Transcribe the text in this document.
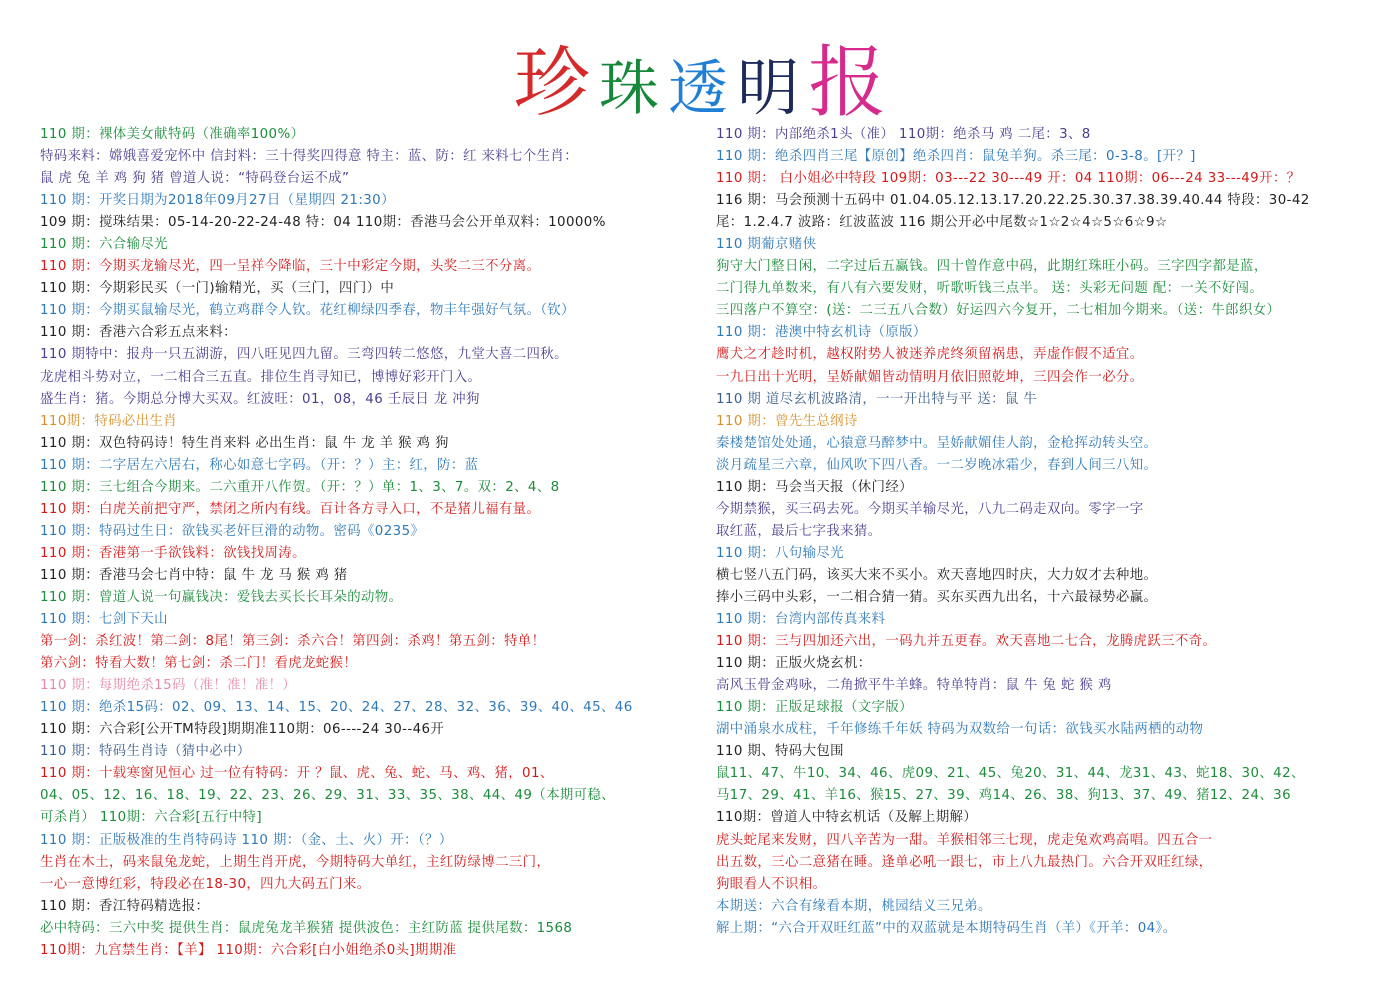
珍 珠 透 明 报
110 期：裸体美女献特码（准确率100%）
特码来料：嫦娥喜爱宠怀中 信封料：三十得奖四得意 特主：蓝、防：红 来料七个生肖：
鼠 虎 兔 羊 鸡 狗 猪 曾道人说：“特码登台运不成”
110 期：开奖日期为2018年09月27日（星期四 21:30）
109 期：搅珠结果：05-14-20-22-24-48 特：04 110期：香港马会公开单双料：10000%
110 期：六合输尽光
110 期：今期买龙输尽光，四一呈祥今降临，三十中彩定今期，头奖二三不分离。
110 期：今期彩民买（一门)输精光，买（三门，四门）中
110 期：今期买鼠输尽光，鹤立鸡群令人钦。花红柳绿四季春，物丰年强好气氛。（钦）
110 期：香港六合彩五点来料：
110 期特中：报舟一只五湖游，四八旺见四九留。三弯四转二悠悠，九堂大喜二四秋。
龙虎相斗势对立，一二相合三五直。排位生肖寻知已，博博好彩开门入。
盛生肖：猪。今期总分博大买双。红波旺：01，08，46 壬辰日 龙 冲狗
110期：特码必出生肖
110 期：双色特码诗！特生肖来料 必出生肖：鼠 牛 龙 羊 猴 鸡 狗
110 期：二字居左六居右，称心如意七字码。（开：？）主：红，防：蓝
110 期：三七组合今期来。二六重开八作贺。（开：？）单：1、3、7。双：2、4、8
110 期：白虎关前把守严，禁闭之所内有线。百计各方寻入口，不是猪儿福有量。
110 期：特码过生日：欲钱买老奸巨滑的动物。密码《0235》
110 期：香港第一手欲钱料：欲钱找周涛。
110 期：香港马会七肖中特：鼠 牛 龙 马 猴 鸡 猪
110 期：曾道人说一句赢钱决：爱钱去买长长耳朵的动物。
110 期：七剑下天山
第一剑：杀红波！第二剑：8尾！第三剑：杀六合！第四剑：杀鸡！第五剑：特单！
第六剑：特看大数！第七剑：杀二门！看虎龙蛇猴！
110 期：每期绝杀15码（准！准！准！）
110 期：绝杀15码：02、09、13、14、15、20、24、27、28、32、36、39、40、45、46
110 期：六合彩[公开TM特段]期期准110期：06----24 30--46开
110 期：特码生肖诗（猜中必中）
110 期：十载寒窗见恒心 过一位有特码：开 ？鼠、虎、兔、蛇、马、鸡、猪，01、
04、05、12、16、18、19、22、23、26、29、31、33、35、38、44、49（本期可稳、
可杀肖） 110期：六合彩[五行中特]
110 期：正版极准的生肖特码诗 110 期：（金、土、火）开：（？）
生肖在木土，码来鼠兔龙蛇，上期生肖开虎，今期特码大单红，主红防绿博二三门，
一心一意博红彩，特段必在18-30，四九大码五门来。
110 期：香江特码精选报：
必中特码：三六中奖 提供生肖：鼠虎兔龙羊猴猪 提供波色：主红防蓝 提供尾数：1568
110期：九宫禁生肖：【羊】 110期：六合彩[白小姐绝杀0头]期期准
110 期：内部绝杀1头（准） 110期：绝杀马 鸡 二尾：3、8
110 期：绝杀四肖三尾【原创】绝杀四肖：鼠兔羊狗。杀三尾：0-3-8。[开？]
110 期： 白小姐必中特段 109期：03---22 30---49 开：04 110期：06---24 33---49开：？
116 期：马会预测十五码中 01.04.05.12.13.17.20.22.25.30.37.38.39.40.44 特段：30-42
尾：1.2.4.7 波路：红波蓝波 116 期公开必中尾数☆1☆2☆4☆5☆6☆9☆
110 期葡京赌侠
狗守大门整日闲，二字过后五赢钱。四十曾作意中码，此期红珠旺小码。三字四字都是蓝，
二门得九单数来，有八有六要发财，听歌听钱三点半。 送：头彩无问题 配：一关不好闯。
三四落户不算空：(送：二三五八合数）好运四六今复开，二七相加今期来。（送：牛郎织女）
110 期：港澳中特玄机诗（原版）
鹰犬之才趁时机，越权附势人被迷养虎终须留祸患，弄虚作假不适宜。
一九日出十光明，呈娇献媚皆动情明月依旧照乾坤，三四会作一必分。
110 期 道尽玄机波路清，一一开出特与平 送：鼠 牛
110 期：曾先生总纲诗
秦楼楚馆处处通，心猿意马醉梦中。呈娇献媚佳人韵，金枪挥动转头空。
淡月疏星三六章，仙风吹下四八香。一二岁晚冰霜少，春到人间三八知。
110 期：马会当天报（休门经）
今期禁猴，买三码去死。今期买羊输尽光，八九二码走双向。零字一字
取红蓝，最后七字我来猜。
110 期：八句输尽光
横七竖八五门码，该买大来不买小。欢天喜地四时庆，大力奴才去种地。
捧小三码中头彩，一二相合猜一猜。买东买西九出名，十六最禄势必赢。
110 期：台湾内部传真来料
110 期：三与四加还六出，一码九并五更春。欢天喜地二七合，龙腾虎跃三不奇。
110 期：正版火烧玄机：
高风玉骨金鸡咏，二角掀平牛羊蜂。特单特肖：鼠 牛 兔 蛇 猴 鸡
110 期：正版足球报（文字版）
湖中涌泉水成柱，千年修练千年妖 特码为双数给一句话：欲钱买水陆两栖的动物
110 期、特码大包围
鼠11、47、牛10、34、46、虎09、21、45、兔20、31、44、龙31、43、蛇18、30、42、
马17、29、41、羊16、猴15、27、39、鸡14、26、38、狗13、37、49、猪12、24、36
110期：曾道人中特玄机话（及解上期解）
虎头蛇尾来发财，四八辛苦为一甜。羊猴相邻三七现，虎走兔欢鸡高唱。四五合一
出五数，三心二意猪在睡。逢单必吼一跟七，市上八九最热门。六合开双旺红绿，
狗眼看人不识相。
本期送：六合有缘看本期，桃园结义三兄弟。
解上期：“六合开双旺红蓝”中的双蓝就是本期特码生肖（羊）《开羊：04》。
